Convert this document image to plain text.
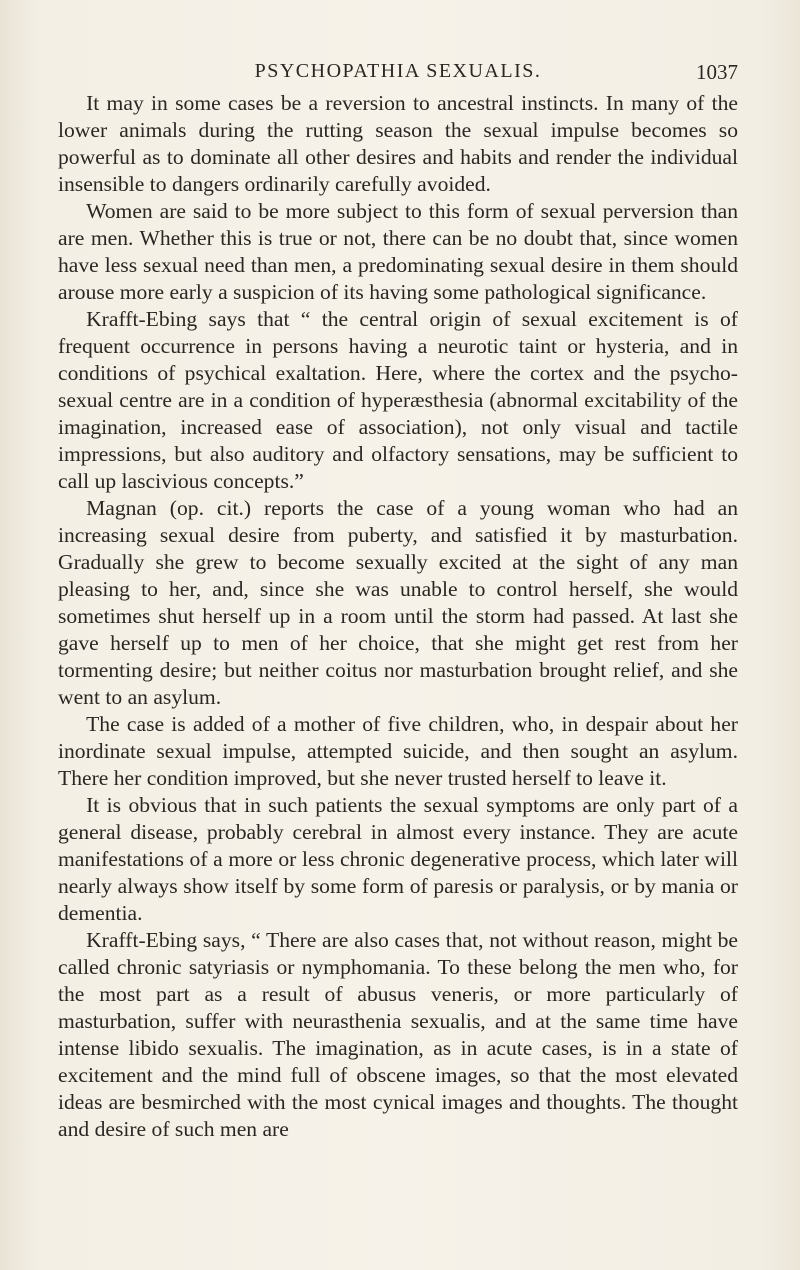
PSYCHOPATHIA SEXUALIS.	1037

It may in some cases be a reversion to ancestral instincts. In many of the lower animals during the rutting season the sexual impulse becomes so powerful as to dominate all other desires and habits and render the individual insensible to dangers ordinarily carefully avoided.

Women are said to be more subject to this form of sexual perversion than are men. Whether this is true or not, there can be no doubt that, since women have less sexual need than men, a predominating sexual desire in them should arouse more early a suspicion of its having some pathological significance.

Krafft-Ebing says that “ the central origin of sexual excitement is of frequent occurrence in persons having a neurotic taint or hysteria, and in conditions of psychical exaltation. Here, where the cortex and the psycho-sexual centre are in a condition of hyperæsthesia (abnormal excitability of the imagination, increased ease of association), not only visual and tactile impressions, but also auditory and olfactory sensations, may be sufficient to call up lascivious concepts.”

Magnan (op. cit.) reports the case of a young woman who had an increasing sexual desire from puberty, and satisfied it by masturbation. Gradually she grew to become sexually excited at the sight of any man pleasing to her, and, since she was unable to control herself, she would sometimes shut herself up in a room until the storm had passed. At last she gave herself up to men of her choice, that she might get rest from her tormenting desire; but neither coitus nor masturbation brought relief, and she went to an asylum.

The case is added of a mother of five children, who, in despair about her inordinate sexual impulse, attempted suicide, and then sought an asylum. There her condition improved, but she never trusted herself to leave it.

It is obvious that in such patients the sexual symptoms are only part of a general disease, probably cerebral in almost every instance. They are acute manifestations of a more or less chronic degenerative process, which later will nearly always show itself by some form of paresis or paralysis, or by mania or dementia.

Krafft-Ebing says, “ There are also cases that, not without reason, might be called chronic satyriasis or nymphomania. To these belong the men who, for the most part as a result of abusus veneris, or more particularly of masturbation, suffer with neurasthenia sexualis, and at the same time have intense libido sexualis. The imagination, as in acute cases, is in a state of excitement and the mind full of obscene images, so that the most elevated ideas are besmirched with the most cynical images and thoughts. The thought and desire of such men are
